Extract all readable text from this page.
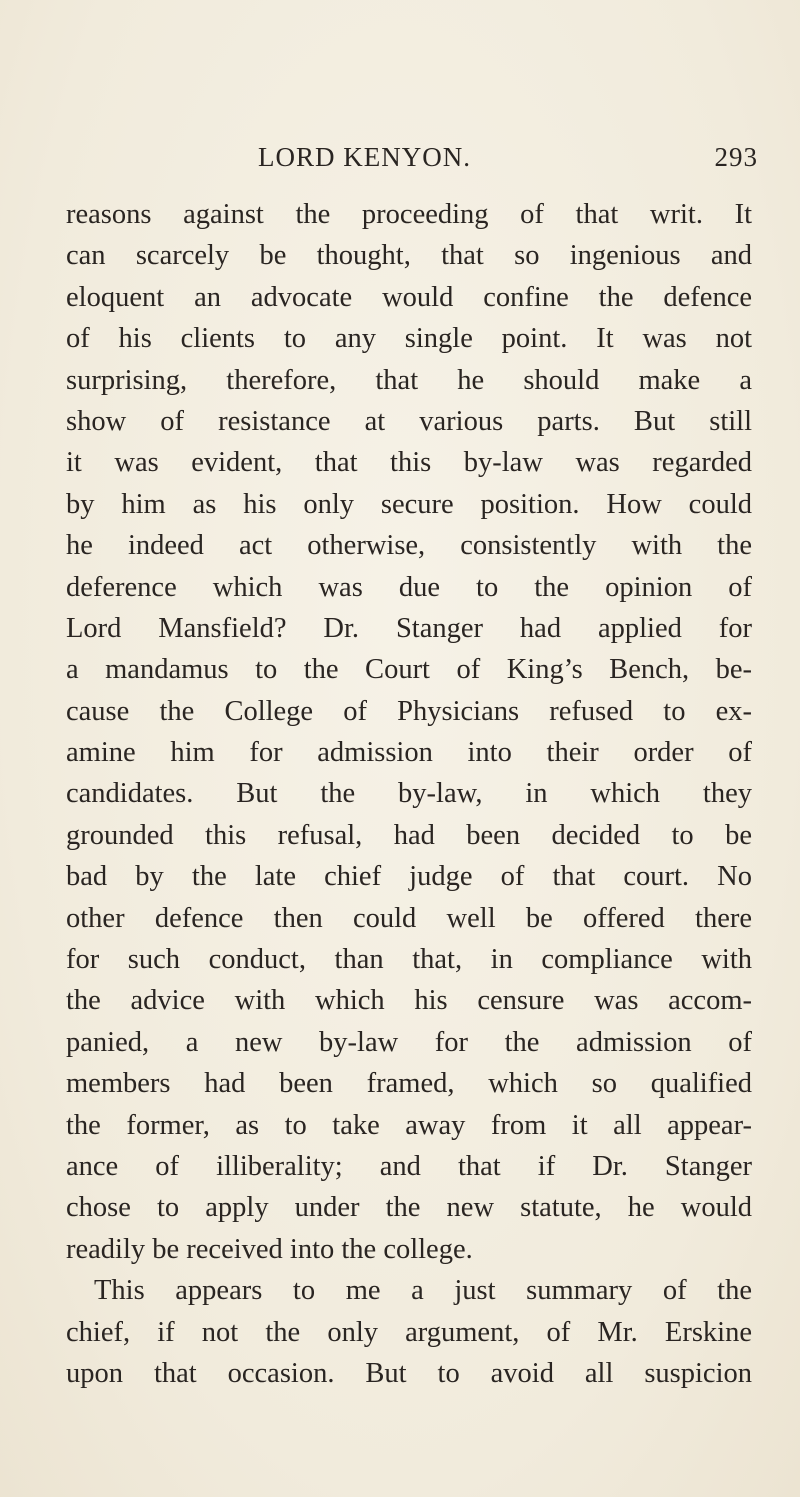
LORD KENYON.	293
reasons against the proceeding of that writ. It
can scarcely be thought, that so ingenious and
eloquent an advocate would confine the defence
of his clients to any single point. It was not
surprising, therefore, that he should make a
show of resistance at various parts. But still
it was evident, that this by-law was regarded
by him as his only secure position. How could
he indeed act otherwise, consistently with the
deference which was due to the opinion of
Lord Mansfield? Dr. Stanger had applied for
a mandamus to the Court of King’s Bench, be-
cause the College of Physicians refused to ex-
amine him for admission into their order of
candidates. But the by-law, in which they
grounded this refusal, had been decided to be
bad by the late chief judge of that court. No
other defence then could well be offered there
for such conduct, than that, in compliance with
the advice with which his censure was accom-
panied, a new by-law for the admission of
members had been framed, which so qualified
the former, as to take away from it all appear-
ance of illiberality; and that if Dr. Stanger
chose to apply under the new statute, he would
readily be received into the college.
This appears to me a just summary of the
chief, if not the only argument, of Mr. Erskine
upon that occasion. But to avoid all suspicion
